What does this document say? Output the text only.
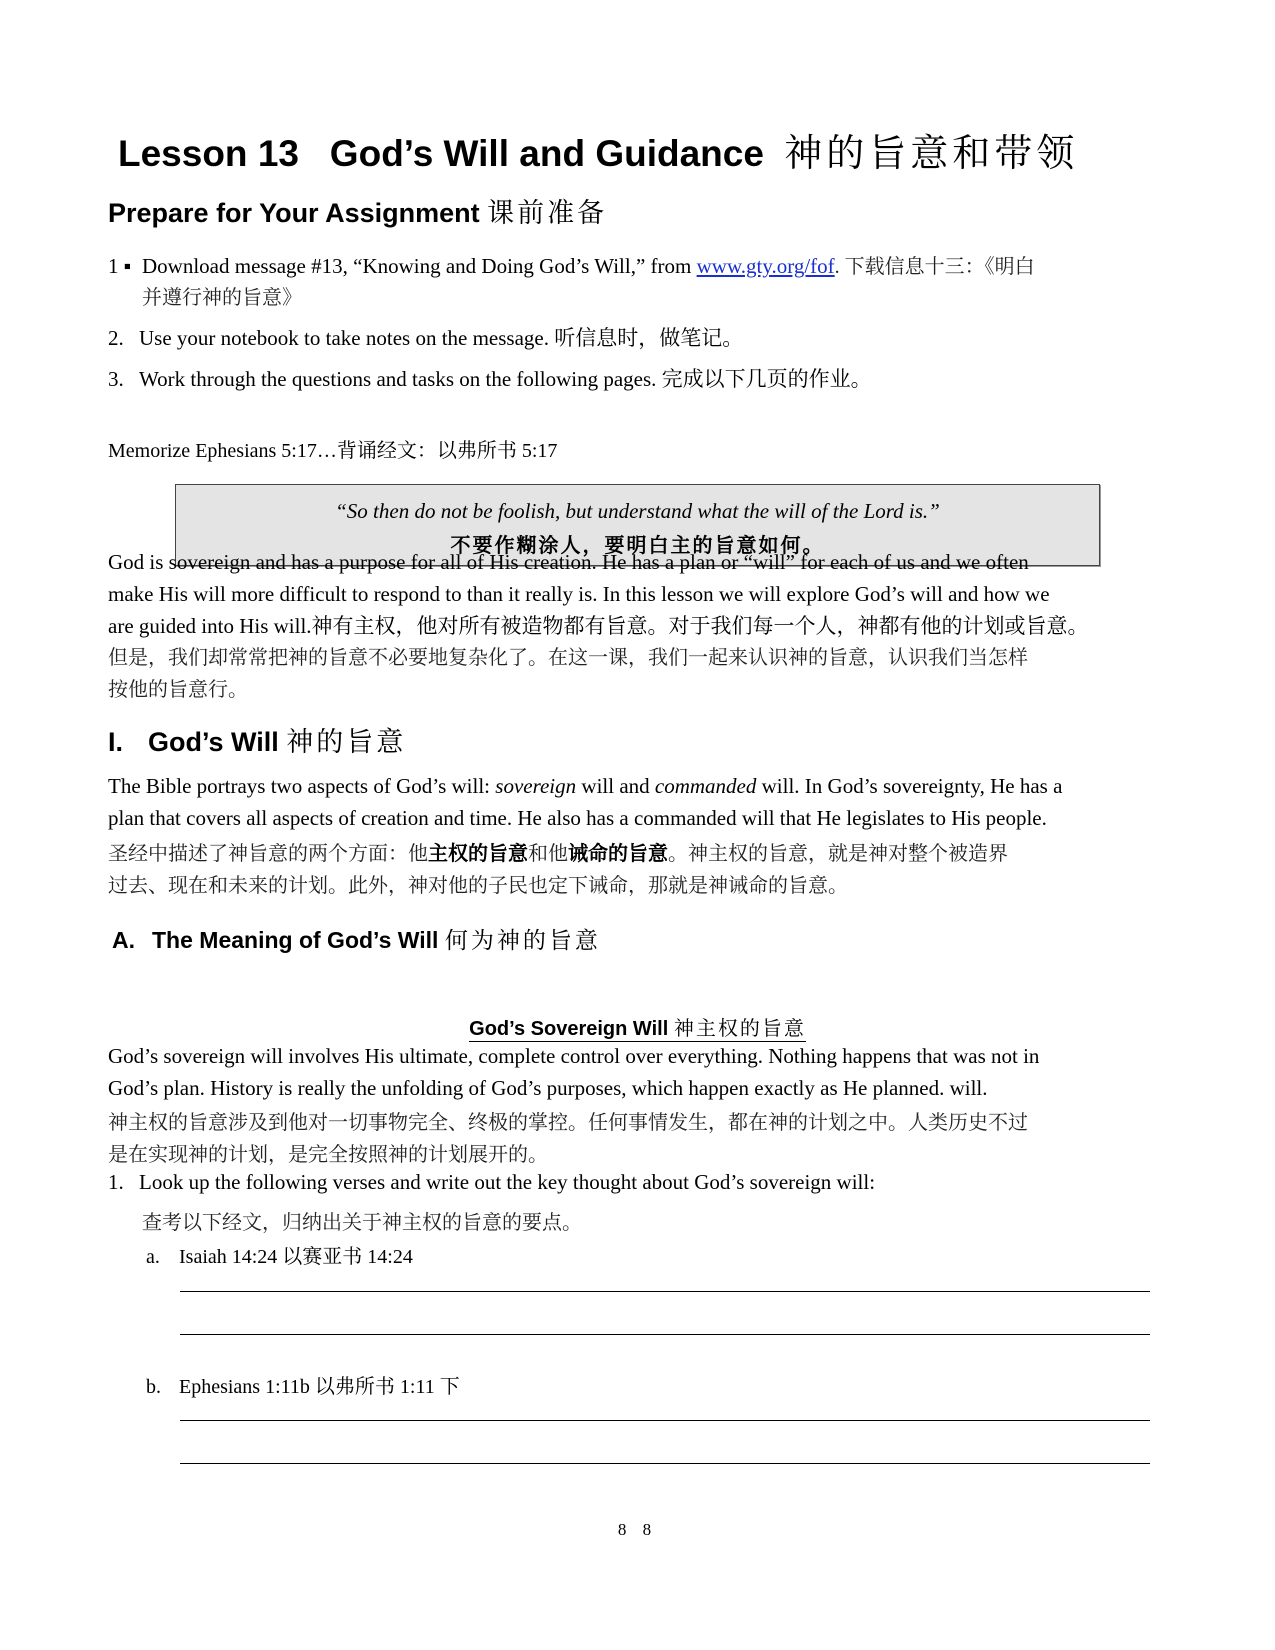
Lesson 13   God’s Will and Guidance 神的旨意和带领
Prepare for Your Assignment 课前准备
1 ▪ Download message #13, “Knowing and Doing God’s Will,” from www.gty.org/fof. 下载信息十三：《明白
并遵行神的旨意》
2. Use your notebook to take notes on the message. 听信息时，做笔记。
3. Work through the questions and tasks on the following pages. 完成以下几页的作业。
Memorize Ephesians 5:17…背诵经文：以弗所书 5:17
“So then do not be foolish, but understand what the will of the Lord is.”
不要作糊涂人，要明白主的旨意如何。
God is sovereign and has a purpose for all of His creation. He has a plan or “will” for each of us and we often
make His will more difficult to respond to than it really is. In this lesson we will explore God’s will and how we
are guided into His will.神有主权，他对所有被造物都有旨意。对于我们每一个人，神都有他的计划或旨意。
但是，我们却常常把神的旨意不必要地复杂化了。在这一课，我们一起来认识神的旨意，认识我们当怎样
按他的旨意行。
I. God’s Will 神的旨意
The Bible portrays two aspects of God’s will: sovereign will and commanded will. In God’s sovereignty, He has a
plan that covers all aspects of creation and time. He also has a commanded will that He legislates to His people.
圣经中描述了神旨意的两个方面：他主权的旨意和他诫命的旨意。神主权的旨意，就是神对整个被造界
过去、现在和未来的计划。此外，神对他的子民也定下诫命，那就是神诫命的旨意。
A. The Meaning of God’s Will 何为神的旨意
God’s Sovereign Will 神主权的旨意
God’s sovereign will involves His ultimate, complete control over everything. Nothing happens that was not in
God’s plan. History is really the unfolding of God’s purposes, which happen exactly as He planned. will.
神主权的旨意涉及到他对一切事物完全、终极的掌控。任何事情发生，都在神的计划之中。人类历史不过
是在实现神的计划，是完全按照神的计划展开的。
1. Look up the following verses and write out the key thought about God’s sovereign will:
查考以下经文，归纳出关于神主权的旨意的要点。
a. Isaiah 14:24 以赛亚书 14:24
b. Ephesians 1:11b 以弗所书 1:11 下
8 8
